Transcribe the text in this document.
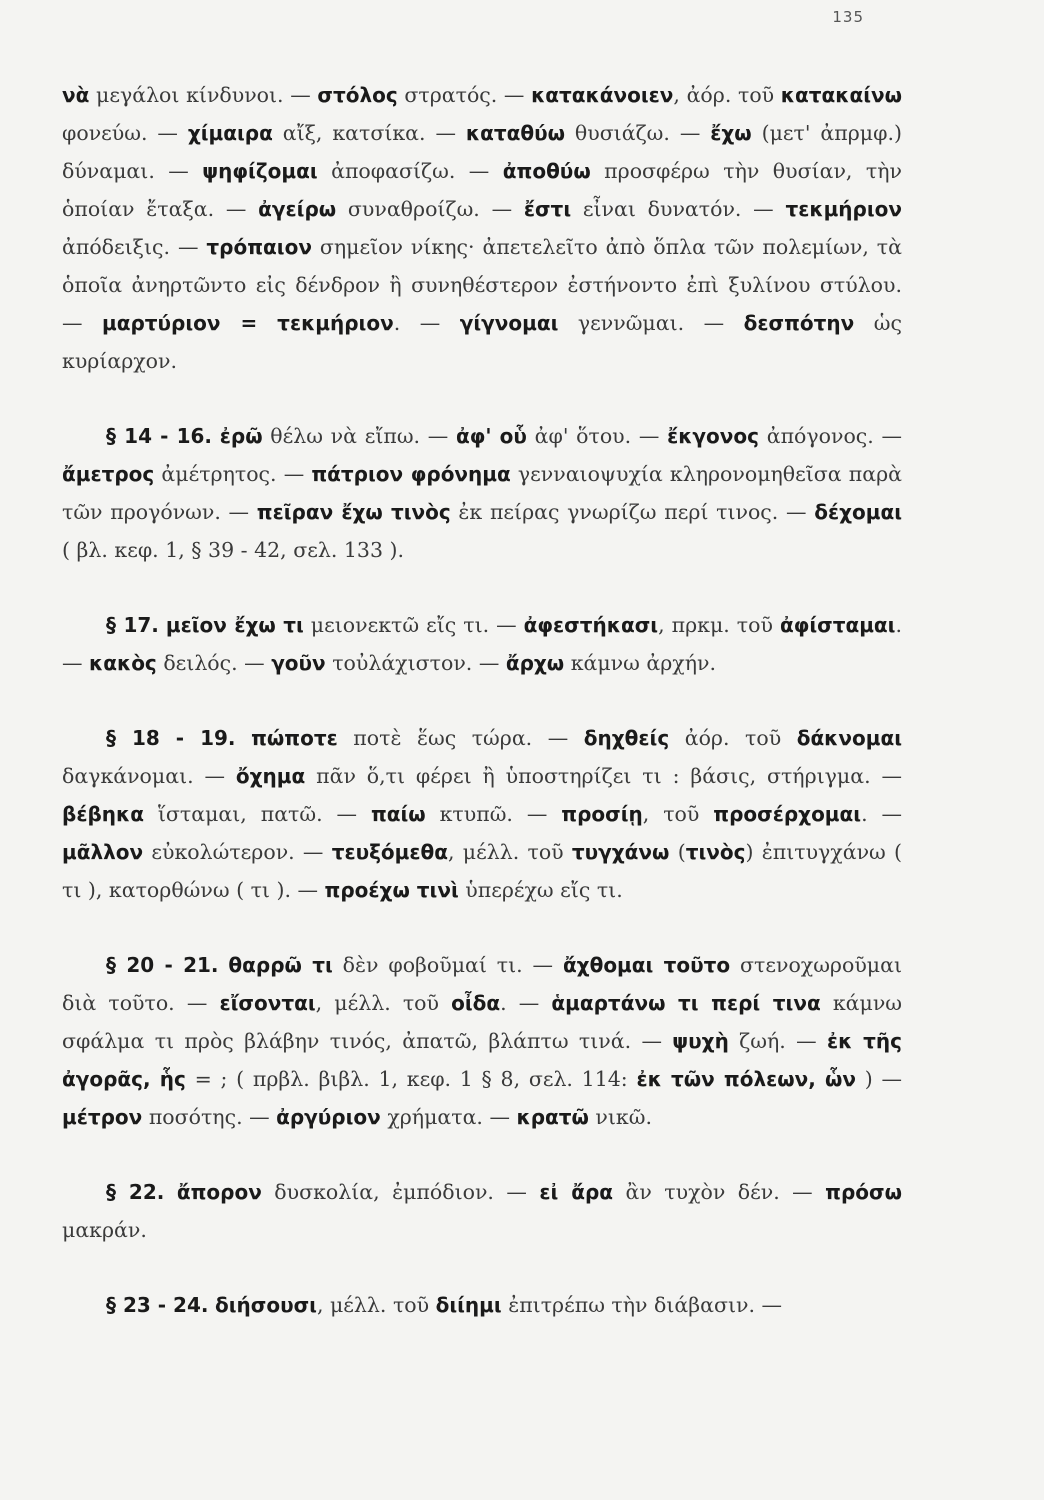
135

νὰ μεγάλοι κίνδυνοι. — στόλος στρατός. — κατακάνοιεν, ἀόρ. τοῦ κατακαίνω φονεύω. — χίμαιρα αἴξ, κατσίκα. — καταθύω θυσιάζω. — ἔχω (μετ' ἀπρμφ.) δύναμαι. — ψηφίζομαι ἀποφασίζω. — ἀποθύω προσφέρω τὴν θυσίαν, τὴν ὁποίαν ἔταξα. — ἀγείρω συναθροίζω. — ἔστι εἶναι δυνατόν. — τεκμήριον ἀπόδειξις. — τρόπαιον σημεῖον νίκης· ἀπετελεῖτο ἀπὸ ὅπλα τῶν πολεμίων, τὰ ὁποῖα ἀνηρτῶντο εἰς δένδρον ἢ συνηθέστερον ἐστήνοντο ἐπὶ ξυλίνου στύλου. — μαρτύριον = τεκμήριον. — γίγνομαι γεννῶμαι. — δεσπότην ὡς κυρίαρχον.

§ 14 - 16. ἐρῶ θέλω νὰ εἴπω. — ἀφ' οὗ ἀφ' ὅτου. — ἔκγονος ἀπόγονος. — ἄμετρος ἀμέτρητος. — πάτριον φρόνημα γενναιοψυχία κληρονομηθεῖσα παρὰ τῶν προγόνων. — πεῖραν ἔχω τινὸς ἐκ πείρας γνωρίζω περί τινος. — δέχομαι ( βλ. κεφ. 1, § 39 - 42, σελ. 133 ).

§ 17. μεῖον ἔχω τι μειονεκτῶ εἴς τι. — ἀφεστήκασι, πρκμ. τοῦ ἀφίσταμαι. — κακὸς δειλός. — γοῦν τοὐλάχιστον. — ἄρχω κάμνω ἀρχήν.

§ 18 - 19. πώποτε ποτὲ ἕως τώρα. — δηχθείς ἀόρ. τοῦ δάκνομαι δαγκάνομαι. — ὄχημα πᾶν ὅ,τι φέρει ἢ ὑποστηρίζει τι : βάσις, στήριγμα. — βέβηκα ἵσταμαι, πατῶ. — παίω κτυπῶ. — προσίῃ, τοῦ προσέρχομαι. — μᾶλλον εὐκολώτερον. — τευξόμεθα, μέλλ. τοῦ τυγχάνω (τινὸς) ἐπιτυγχάνω ( τι ), κατορθώνω ( τι ). — προέχω τινὶ ὑπερέχω εἴς τι.

§ 20 - 21. θαρρῶ τι δὲν φοβοῦμαί τι. — ἄχθομαι τοῦτο στενοχωροῦμαι διὰ τοῦτο. — εἴσονται, μέλλ. τοῦ οἶδα. — ἁμαρτάνω τι περί τινα κάμνω σφάλμα τι πρὸς βλάβην τινός, ἀπατῶ, βλάπτω τινά. — ψυχὴ ζωή. — ἐκ τῆς ἀγορᾶς, ἧς = ; ( πρβλ. βιβλ. 1, κεφ. 1 § 8, σελ. 114: ἐκ τῶν πόλεων, ὧν ) — μέτρον ποσότης. — ἀργύριον χρήματα. — κρατῶ νικῶ.

§ 22. ἄπορον δυσκολία, ἐμπόδιον. — εἰ ἄρα ἂν τυχὸν δέν. — πρόσω μακράν.

§ 23 - 24. διήσουσι, μέλλ. τοῦ διίημι ἐπιτρέπω τὴν διάβασιν. —
